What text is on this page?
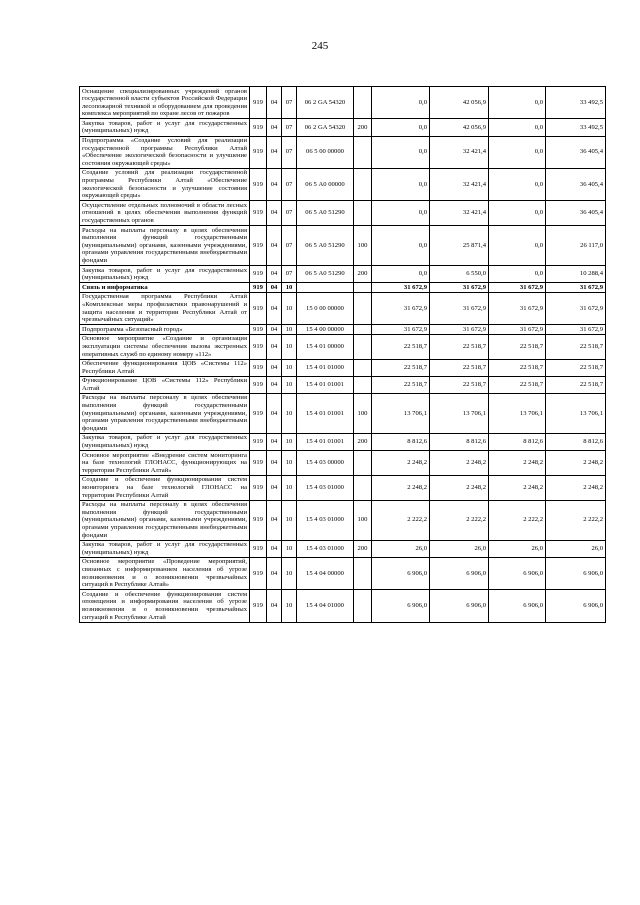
245
Оснащение специализированных учреждений органов государственной власти субъектов Российской Федерации лесопожарной техникой и оборудованием для проведения комплекса мероприятий по охране лесов от пожаров	919	04	07	06 2 GA 54320		0,0	42 056,9	0,0	33 492,5
Закупка товаров, работ и услуг для государственных (муниципальных) нужд	919	04	07	06 2 GA 54320	200	0,0	42 056,9	0,0	33 492,5
Подпрограмма «Создание условий для реализации государственной программы Республики Алтай «Обеспечение экологической безопасности и улучшение состояния окружающей среды»	919	04	07	06 5 00 00000		0,0	32 421,4	0,0	36 405,4
Создание условий для реализации государственной программы Республики Алтай «Обеспечение экологической безопасности и улучшение состояния окружающей среды»	919	04	07	06 5 А0 00000		0,0	32 421,4	0,0	36 405,4
Осуществление отдельных полномочий в области лесных отношений в целях обеспечения выполнения функций государственных органов	919	04	07	06 5 А0 51290		0,0	32 421,4	0,0	36 405,4
Расходы на выплаты персоналу в целях обеспечения выполнения функций государственными (муниципальными) органами, казенными учреждениями, органами управления государственными внебюджетными фондами	919	04	07	06 5 А0 51290	100	0,0	25 871,4	0,0	26 117,0
Закупка товаров, работ и услуг для государственных (муниципальных) нужд	919	04	07	06 5 А0 51290	200	0,0	6 550,0	0,0	10 288,4
Связь и информатика	919	04	10			31 672,9	31 672,9	31 672,9	31 672,9
Государственная программа Республики Алтай «Комплексные меры профилактики правонарушений и защита населения и территории Республики Алтай от чрезвычайных ситуаций»	919	04	10	15 0 00 00000		31 672,9	31 672,9	31 672,9	31 672,9
Подпрограмма «Безопасный город»	919	04	10	15 4 00 00000		31 672,9	31 672,9	31 672,9	31 672,9
Основное мероприятие «Создание и организация эксплуатации системы обеспечения вызова экстренных оперативных служб по единому номеру «112»	919	04	10	15 4 01 00000		22 518,7	22 518,7	22 518,7	22 518,7
Обеспечение функционирования ЦОВ «Системы 112» Республики Алтай	919	04	10	15 4 01 01000		22 518,7	22 518,7	22 518,7	22 518,7
Функционирование ЦОВ «Системы 112» Республики Алтай	919	04	10	15 4 01 01001		22 518,7	22 518,7	22 518,7	22 518,7
Расходы на выплаты персоналу в целях обеспечения выполнения функций государственными (муниципальными) органами, казенными учреждениями, органами управления государственными внебюджетными фондами	919	04	10	15 4 01 01001	100	13 706,1	13 706,1	13 706,1	13 706,1
Закупка товаров, работ и услуг для государственных (муниципальных) нужд	919	04	10	15 4 01 01001	200	8 812,6	8 812,6	8 812,6	8 812,6
Основное мероприятие «Внедрение систем мониторинга на базе технологий ГЛОНАСС, функционирующих на территории Республики Алтай»	919	04	10	15 4 03 00000		2 248,2	2 248,2	2 248,2	2 248,2
Создание и обеспечение функционирования систем мониторинга на базе технологий ГЛОНАСС на территории Республики Алтай	919	04	10	15 4 03 01000		2 248,2	2 248,2	2 248,2	2 248,2
Расходы на выплаты персоналу в целях обеспечения выполнения функций государственными (муниципальными) органами, казенными учреждениями, органами управления государственными внебюджетными фондами	919	04	10	15 4 03 01000	100	2 222,2	2 222,2	2 222,2	2 222,2
Закупка товаров, работ и услуг для государственных (муниципальных) нужд	919	04	10	15 4 03 01000	200	26,0	26,0	26,0	26,0
Основное мероприятие «Проведение мероприятий, связанных с информированием населения об угрозе возникновения и о возникновении чрезвычайных ситуаций в Республике Алтай»	919	04	10	15 4 04 00000		6 906,0	6 906,0	6 906,0	6 906,0
Создание и обеспечение функционирования систем оповещения и информирования населения об угрозе возникновения и о возникновении чрезвычайных ситуаций в Республике Алтай	919	04	10	15 4 04 01000		6 906,0	6 906,0	6 906,0	6 906,0
